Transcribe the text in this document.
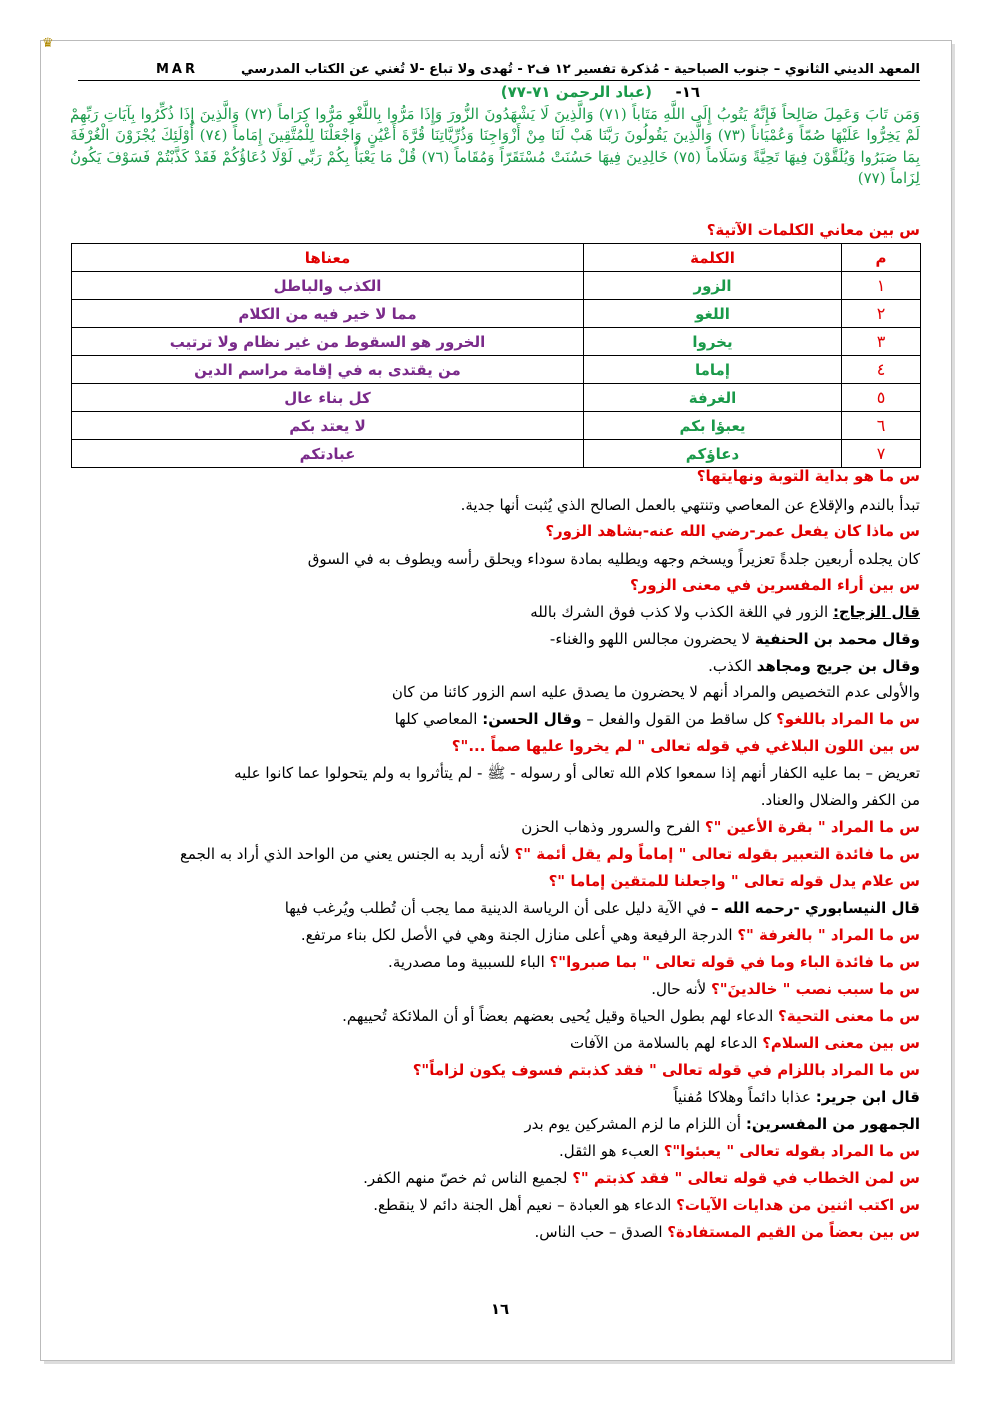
♛
المعهد الديني الثانوي – جنوب الصباحية - مُذكرة تفسير ١٢ ف٢ - تُهدى ولا تباع -لا تُغني عن الكتاب المدرسي
MAR
١٦-
(عباد الرحمن ٧١-٧٧)
وَمَن تَابَ وَعَمِلَ صَالِحاً فَإِنَّهُ يَتُوبُ إِلَى اللَّهِ مَتَاباً (٧١) وَالَّذِينَ لَا يَشْهَدُونَ الزُّورَ وَإِذَا مَرُّوا بِاللَّغْوِ مَرُّوا كِرَاماً (٧٢) وَالَّذِينَ إِذَا ذُكِّرُوا بِآيَاتِ رَبِّهِمْ لَمْ يَخِرُّوا عَلَيْهَا صُمّاً وَعُمْيَاناً (٧٣) وَالَّذِينَ يَقُولُونَ رَبَّنَا هَبْ لَنَا مِنْ أَزْوَاجِنَا وَذُرِّيَّاتِنَا قُرَّةَ أَعْيُنٍ وَاجْعَلْنَا لِلْمُتَّقِينَ إِمَاماً (٧٤) أُوْلَئِكَ يُجْزَوْنَ الْغُرْفَةَ بِمَا صَبَرُوا وَيُلَقَّوْنَ فِيهَا تَحِيَّةً وَسَلَاماً (٧٥) خَالِدِينَ فِيهَا حَسُنَتْ مُسْتَقَرّاً وَمُقَاماً (٧٦) قُلْ مَا يَعْبَأُ بِكُمْ رَبِّي لَوْلَا دُعَاؤُكُمْ فَقَدْ كَذَّبْتُمْ فَسَوْفَ يَكُونُ لِزَاماً (٧٧)
س بين معاني الكلمات الآتية؟
م	الكلمة	معناها
١	الزور	الكذب والباطل
٢	اللغو	مما لا خير فيه من الكلام
٣	يخروا	الخرور هو السقوط من غير نظام ولا ترتيب
٤	إماما	من يقتدى به في إقامة مراسم الدين
٥	الغرفة	كل بناء عال
٦	يعبؤا بكم	لا يعتد بكم
٧	دعاؤكم	عبادتكم
س ما هو بداية التوبة ونهايتها؟
تبدأ بالندم والإقلاع عن المعاصي وتنتهي بالعمل الصالح الذي يُثبت أنها جدية.
س ماذا كان يفعل عمر-رضي الله عنه-بشاهد الزور؟
كان يجلده أربعين جلدةً تعزيراً ويسخم وجهه ويطليه بمادة سوداء ويحلق رأسه ويطوف به في السوق
س بين أراء المفسرين في معنى الزور؟
قال الزجاج: الزور في اللغة الكذب ولا كذب فوق الشرك بالله
وقال محمد بن الحنفية لا يحضرون مجالس اللهو والغناء-
وقال بن جريج ومجاهد الكذب.
والأولى عدم التخصيص والمراد أنهم لا يحضرون ما يصدق عليه اسم الزور كائنا من كان
س ما المراد باللغو؟ كل ساقط من القول والفعل – وقال الحسن: المعاصي كلها
س بين اللون البلاغي في قوله تعالى " لم يخروا عليها صماً ..."؟
تعريض – بما عليه الكفار أنهم إذا سمعوا كلام الله تعالى أو رسوله - ﷺ - لم يتأثروا به ولم يتحولوا عما كانوا عليه
من الكفر والضلال والعناد.
س ما المراد " بقرة الأعين "؟ الفرح والسرور وذهاب الحزن
س ما فائدة التعبير بقوله تعالى " إماماً ولم يقل أئمة "؟ لأنه أريد به الجنس يعني من الواحد الذي أراد به الجمع
س علام يدل قوله تعالى " واجعلنا للمتقين إماما "؟
قال النيسابوري -رحمه الله – في الآية دليل على أن الرياسة الدينية مما يجب أن تُطلب ويُرغب فيها
س ما المراد " بالغرفة "؟ الدرجة الرفيعة وهي أعلى منازل الجنة وهي في الأصل لكل بناء مرتفع.
س ما فائدة الباء وما في قوله تعالى " بما صبروا"؟ الباء للسببية وما مصدرية.
س ما سبب نصب " خالدينَ"؟ لأنه حال.
س ما معنى التحية؟ الدعاء لهم بطول الحياة وقيل يُحيى بعضهم بعضاً أو أن الملائكة تُحييهم.
س بين معنى السلام؟ الدعاء لهم بالسلامة من الآفات
س ما المراد باللزام في قوله تعالى " فقد كذبتم فسوف يكون لزاماً"؟
قال ابن جرير: عذابا دائماً وهلاكا مُفنياً
الجمهور من المفسرين: أن اللزام ما لزم المشركين يوم بدر
س ما المراد بقوله تعالى " يعبئوا"؟ العبء هو الثقل.
س لمن الخطاب في قوله تعالى " فقد كذبتم "؟ لجميع الناس ثم خصّ منهم الكفر.
س اكتب اثنين من هدايات الآيات؟ الدعاء هو العبادة – نعيم أهل الجنة دائم لا ينقطع.
س بين بعضاً من القيم المستفادة؟ الصدق – حب الناس.
١٦
